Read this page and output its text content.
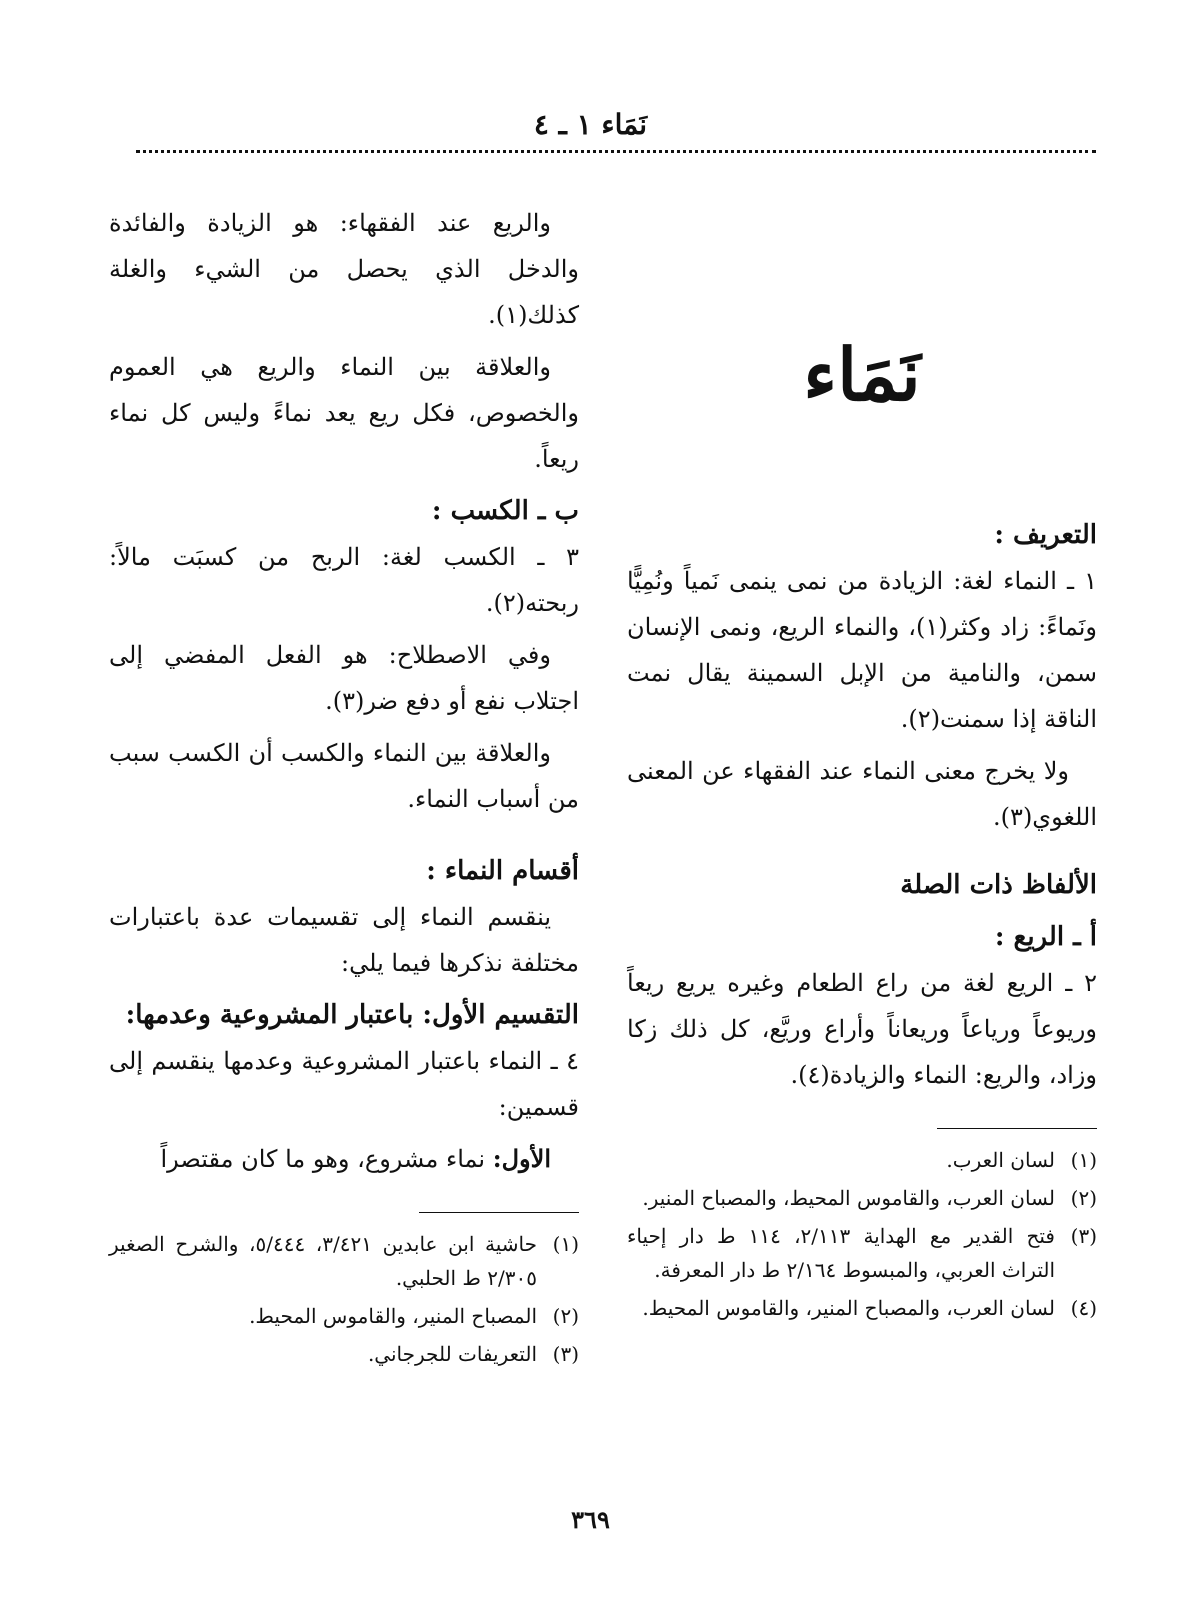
نَمَاء ١ ـ ٤
نَمَاء
التعريف :

١ ـ النماء لغة: الزيادة من نمى ينمى نَمياً ونُمِيًّا ونَماءً: زاد وكثر(١)، والنماء الريع، ونمى الإنسان سمن، والنامية من الإبل السمينة يقال نمت الناقة إذا سمنت(٢).

ولا يخرج معنى النماء عند الفقهاء عن المعنى اللغوي(٣).

الألفاظ ذات الصلة
أ ـ الريع :

٢ ـ الريع لغة من راع الطعام وغيره يريع ريعاً وريوعاً ورياعاً وريعاناً وأراع وريَّع، كل ذلك زكا وزاد، والريع: النماء والزيادة(٤).

(١)لسان العرب.
(٢)لسان العرب، والقاموس المحيط، والمصباح المنير.
(٣)فتح القدير مع الهداية ٢/١١٣، ١١٤ ط دار إحياء التراث العربي، والمبسوط ٢/١٦٤ ط دار المعرفة.
(٤)لسان العرب، والمصباح المنير، والقاموس المحيط.

والريع عند الفقهاء: هو الزيادة والفائدة والدخل الذي يحصل من الشيء والغلة كذلك(١).

والعلاقة بين النماء والريع هي العموم والخصوص، فكل ريع يعد نماءً وليس كل نماء ريعاً.

ب ـ الكسب :

٣ ـ الكسب لغة: الربح من كسبَت مالاً: ربحته(٢).

وفي الاصطلاح: هو الفعل المفضي إلى اجتلاب نفع أو دفع ضر(٣).

والعلاقة بين النماء والكسب أن الكسب سبب من أسباب النماء.

أقسام النماء :

ينقسم النماء إلى تقسيمات عدة باعتبارات مختلفة نذكرها فيما يلي:

التقسيم الأول: باعتبار المشروعية وعدمها:

٤ ـ النماء باعتبار المشروعية وعدمها ينقسم إلى قسمين:

الأول: نماء مشروع، وهو ما كان مقتصراً

(١)حاشية ابن عابدين ٣/٤٢١، ٥/٤٤٤، والشرح الصغير ٢/٣٠٥ ط الحلبي.
(٢)المصباح المنير، والقاموس المحيط.
(٣)التعريفات للجرجاني.
٣٦٩
